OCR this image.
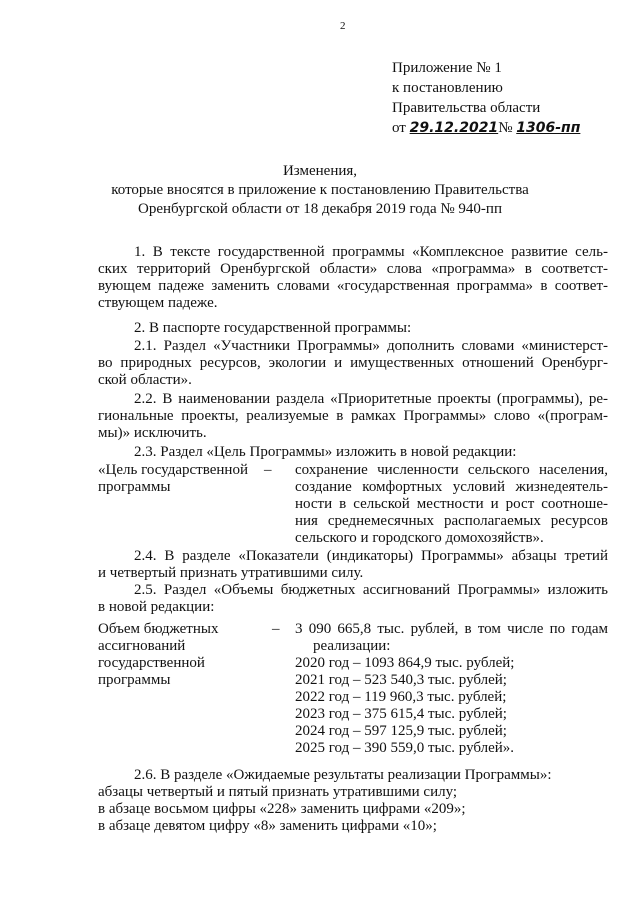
2
Приложение № 1
к постановлению
Правительства области
от 29.12.2021№ 1306-пп
Изменения,
которые вносятся в приложение к постановлению Правительства
Оренбургской области от 18 декабря 2019 года № 940-пп
1. В тексте государственной программы «Комплексное развитие сель-
ских территорий Оренбургской области» слова «программа» в соответст-
вующем падеже заменить словами «государственная программа» в соответ-
ствующем падеже.
2. В паспорте государственной программы:
2.1. Раздел «Участники Программы» дополнить словами «министерст-
во природных ресурсов, экологии и имущественных отношений Оренбург-
ской области».
2.2. В наименовании раздела «Приоритетные проекты (программы), ре-
гиональные проекты, реализуемые в рамках Программы» слово «(програм-
мы)» исключить.
2.3. Раздел «Цель Программы» изложить в новой редакции:
«Цель государственной
программы
– сохранение численности сельского населения,
создание комфортных условий жизнедеятель-
ности в сельской местности и рост соотноше-
ния среднемесячных располагаемых ресурсов
сельского и городского домохозяйств».
2.4. В разделе «Показатели (индикаторы) Программы» абзацы третий
и четвертый признать утратившими силу.
2.5. Раздел «Объемы бюджетных ассигнований Программы» изложить
в новой редакции:
Объем бюджетных
ассигнований
государственной
программы
– 3 090 665,8 тыс. рублей, в том числе по годам
реализации:
2020 год – 1093 864,9 тыс. рублей;
2021 год – 523 540,3 тыс. рублей;
2022 год – 119 960,3 тыс. рублей;
2023 год – 375 615,4 тыс. рублей;
2024 год – 597 125,9 тыс. рублей;
2025 год – 390 559,0 тыс. рублей».
2.6. В разделе «Ожидаемые результаты реализации Программы»:
абзацы четвертый и пятый признать утратившими силу;
в абзаце восьмом цифры «228» заменить цифрами «209»;
в абзаце девятом цифру «8» заменить цифрами «10»;
